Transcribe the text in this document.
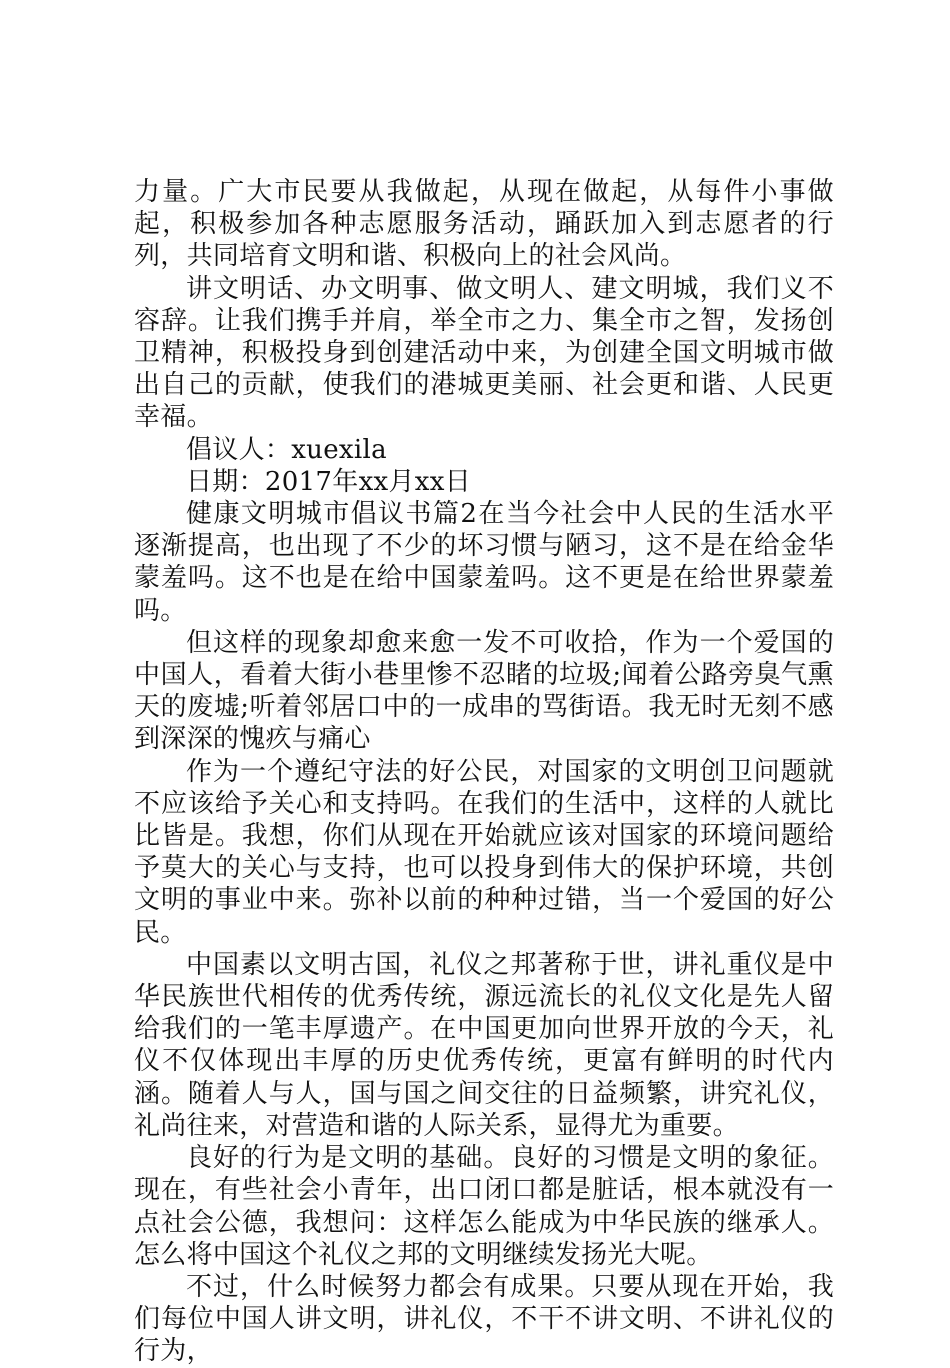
力量。广大市民要从我做起，从现在做起，从每件小事做起，积极参加各种志愿服务活动，踊跃加入到志愿者的行列，共同培育文明和谐、积极向上的社会风尚。

讲文明话、办文明事、做文明人、建文明城，我们义不容辞。让我们携手并肩，举全市之力、集全市之智，发扬创卫精神，积极投身到创建活动中来，为创建全国文明城市做出自己的贡献，使我们的港城更美丽、社会更和谐、人民更幸福。

倡议人：xuexila

日期：2017年xx月xx日

健康文明城市倡议书篇2在当今社会中人民的生活水平逐渐提高，也出现了不少的坏习惯与陋习，这不是在给金华蒙羞吗。这不也是在给中国蒙羞吗。这不更是在给世界蒙羞吗。

但这样的现象却愈来愈一发不可收拾，作为一个爱国的中国人，看着大街小巷里惨不忍睹的垃圾;闻着公路旁臭气熏天的废墟;听着邻居口中的一成串的骂街语。我无时无刻不感到深深的愧疚与痛心

作为一个遵纪守法的好公民，对国家的文明创卫问题就不应该给予关心和支持吗。在我们的生活中，这样的人就比比皆是。我想，你们从现在开始就应该对国家的环境问题给予莫大的关心与支持，也可以投身到伟大的保护环境，共创文明的事业中来。弥补以前的种种过错，当一个爱国的好公民。

中国素以文明古国，礼仪之邦著称于世，讲礼重仪是中华民族世代相传的优秀传统，源远流长的礼仪文化是先人留给我们的一笔丰厚遗产。在中国更加向世界开放的今天，礼仪不仅体现出丰厚的历史优秀传统，更富有鲜明的时代内涵。随着人与人，国与国之间交往的日益频繁，讲究礼仪，礼尚往来，对营造和谐的人际关系，显得尤为重要。

良好的行为是文明的基础。良好的习惯是文明的象征。现在，有些社会小青年，出口闭口都是脏话，根本就没有一点社会公德，我想问：这样怎么能成为中华民族的继承人。怎么将中国这个礼仪之邦的文明继续发扬光大呢。

不过，什么时候努力都会有成果。只要从现在开始，我们每位中国人讲文明，讲礼仪，不干不讲文明、不讲礼仪的行为，
